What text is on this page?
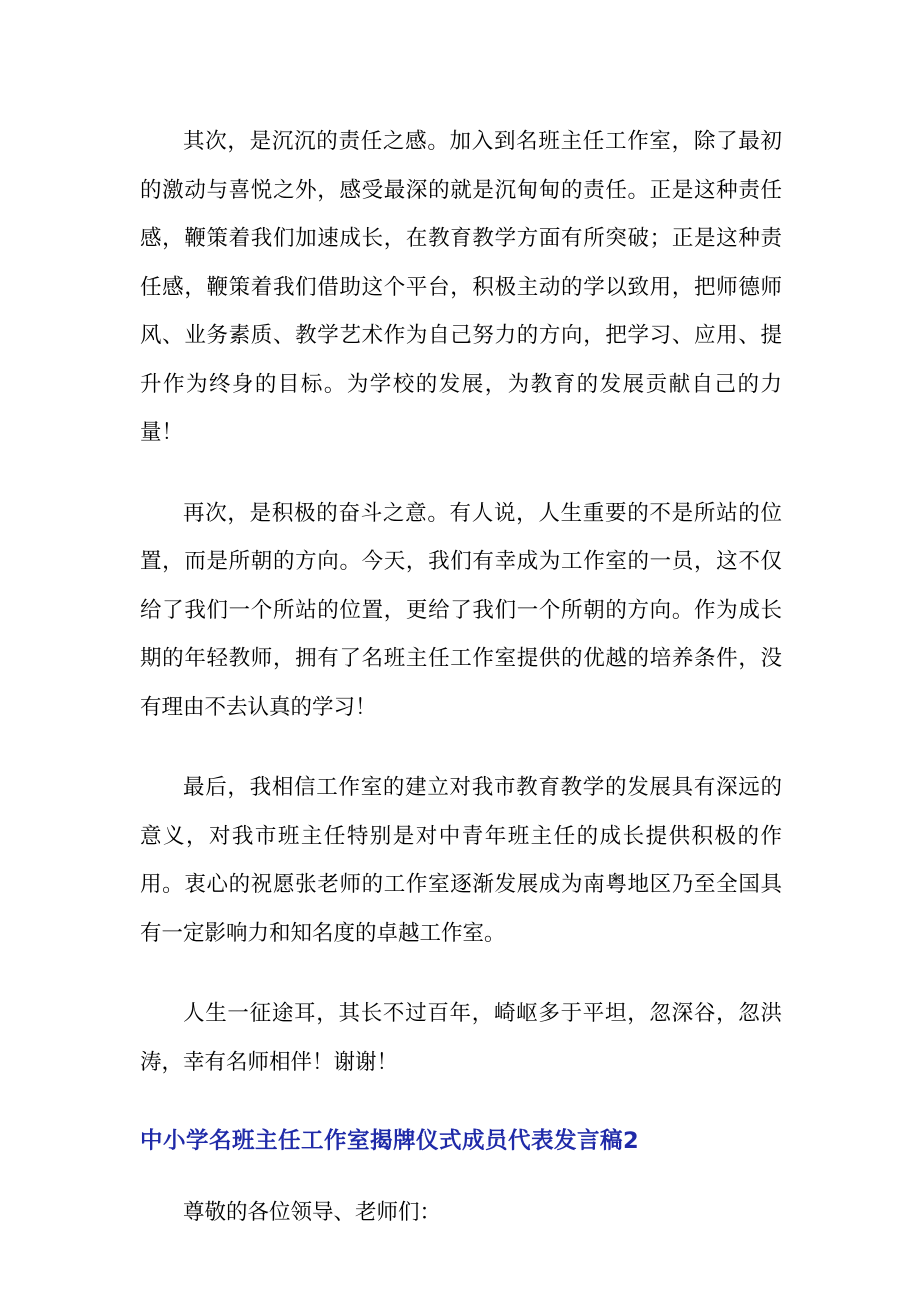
其次，是沉沉的责任之感。加入到名班主任工作室，除了最初的激动与喜悦之外，感受最深的就是沉甸甸的责任。正是这种责任感，鞭策着我们加速成长，在教育教学方面有所突破；正是这种责任感，鞭策着我们借助这个平台，积极主动的学以致用，把师德师风、业务素质、教学艺术作为自己努力的方向，把学习、应用、提升作为终身的目标。为学校的发展，为教育的发展贡献自己的力量！

再次，是积极的奋斗之意。有人说，人生重要的不是所站的位置，而是所朝的方向。今天，我们有幸成为工作室的一员，这不仅给了我们一个所站的位置，更给了我们一个所朝的方向。作为成长期的年轻教师，拥有了名班主任工作室提供的优越的培养条件，没有理由不去认真的学习！

最后，我相信工作室的建立对我市教育教学的发展具有深远的意义，对我市班主任特别是对中青年班主任的成长提供积极的作用。衷心的祝愿张老师的工作室逐渐发展成为南粤地区乃至全国具有一定影响力和知名度的卓越工作室。

人生一征途耳，其长不过百年，崎岖多于平坦，忽深谷，忽洪涛，幸有名师相伴！谢谢！

中小学名班主任工作室揭牌仪式成员代表发言稿2

尊敬的各位领导、老师们：
